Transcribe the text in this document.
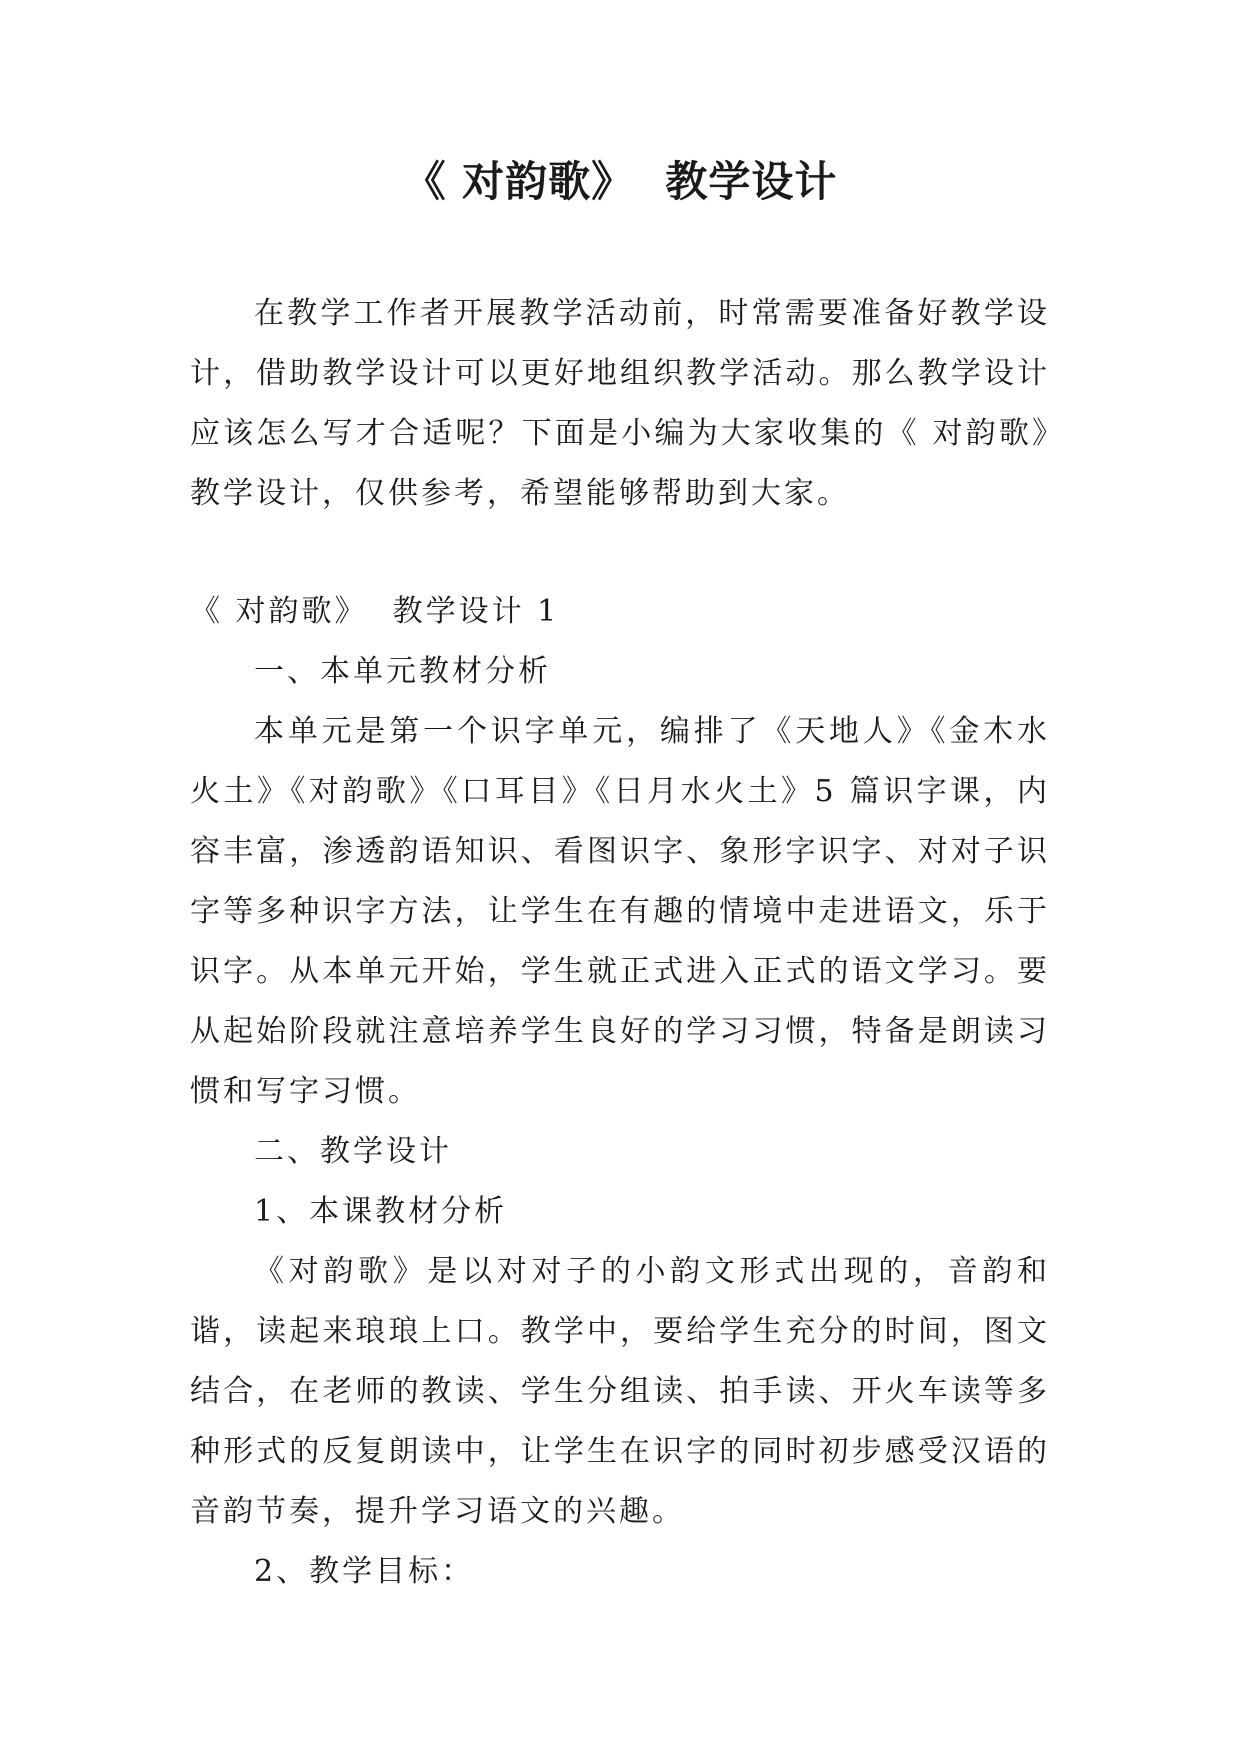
《 对韵歌》  教学设计

在教学工作者开展教学活动前，时常需要准备好教学设计，借助教学设计可以更好地组织教学活动。那么教学设计应该怎么写才合适呢？下面是小编为大家收集的《 对韵歌》教学设计，仅供参考，希望能够帮助到大家。

《 对韵歌》  教学设计 1

一、本单元教材分析

本单元是第一个识字单元，编排了《天地人》《金木水火土》《对韵歌》《口耳目》《日月水火土》5 篇识字课，内容丰富，渗透韵语知识、看图识字、象形字识字、对对子识字等多种识字方法，让学生在有趣的情境中走进语文，乐于识字。从本单元开始，学生就正式进入正式的语文学习。要从起始阶段就注意培养学生良好的学习习惯，特备是朗读习惯和写字习惯。

二、教学设计

1、本课教材分析

《对韵歌》是以对对子的小韵文形式出现的，音韵和谐，读起来琅琅上口。教学中，要给学生充分的时间，图文结合，在老师的教读、学生分组读、拍手读、开火车读等多种形式的反复朗读中，让学生在识字的同时初步感受汉语的音韵节奏，提升学习语文的兴趣。

2、教学目标：
